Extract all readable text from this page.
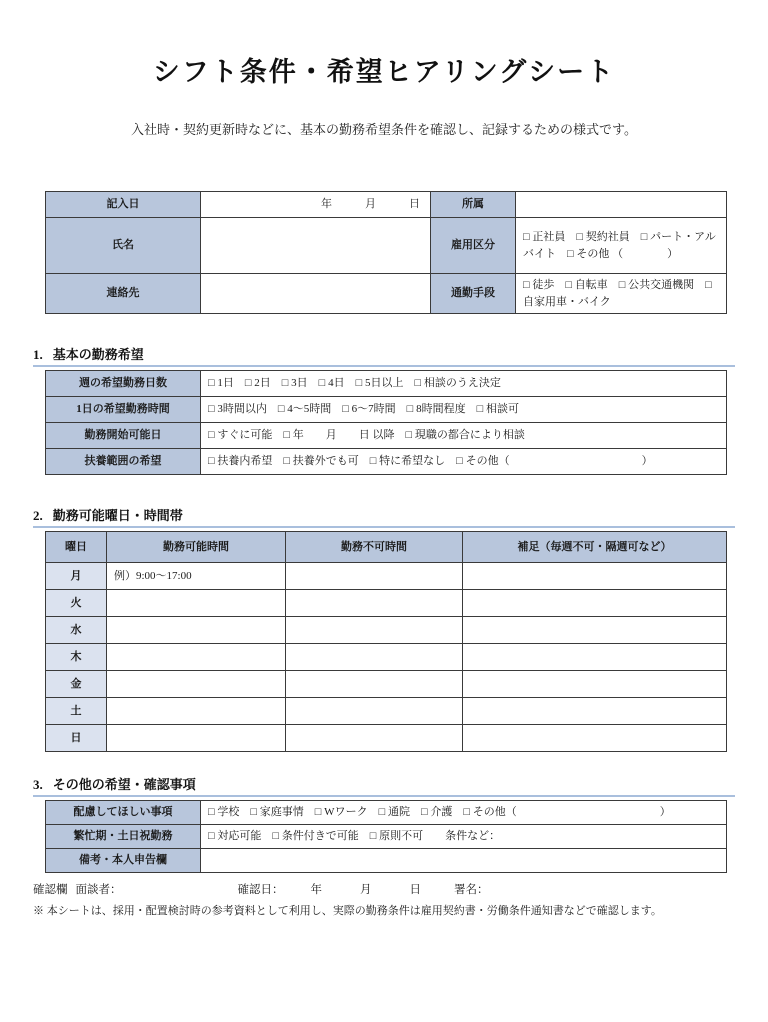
シフト条件・希望ヒアリングシート

入社時・契約更新時などに、基本の勤務希望条件を確認し、記録するための様式です。

記入日	年　　　月　　　日	所属	
氏名		雇用区分	□ 正社員　□ 契約社員　□ パート・アルバイト　□ その他 （　　　　）
連絡先		通勤手段	□ 徒歩　□ 自転車　□ 公共交通機関　□ 自家用車・バイク
1. 基本の勤務希望
週の希望勤務日数	□ 1日　□ 2日　□ 3日　□ 4日　□ 5日以上　□ 相談のうえ決定
1日の希望勤務時間	□ 3時間以内　□ 4～5時間　□ 6～7時間　□ 8時間程度　□ 相談可
勤務開始可能日	□ すぐに可能　□ 年　　月　　日 以降　□ 現職の都合により相談
扶養範囲の希望	□ 扶養内希望　□ 扶養外でも可　□ 特に希望なし　□ その他（　　　　　　　　　　　　）
2. 勤務可能曜日・時間帯
曜日	勤務可能時間	勤務不可時間	補足（毎週不可・隔週可など）
月	例）9:00～17:00		
火			
水			
木			
金			
土			
日			
3. その他の希望・確認事項
配慮してほしい事項	□ 学校　□ 家庭事情　□ Wワーク　□ 通院　□ 介護　□ その他（　　　　　　　　　　　　　）
繁忙期・土日祝勤務	□ 対応可能　□ 条件付きで可能　□ 原則不可　　条件など：
備考・本人申告欄	
確認欄 面談者：	確認日： 年	月	日	署名：
※ 本シートは、採用・配置検討時の参考資料として利用し、実際の勤務条件は雇用契約書・労働条件通知書などで確認します。
